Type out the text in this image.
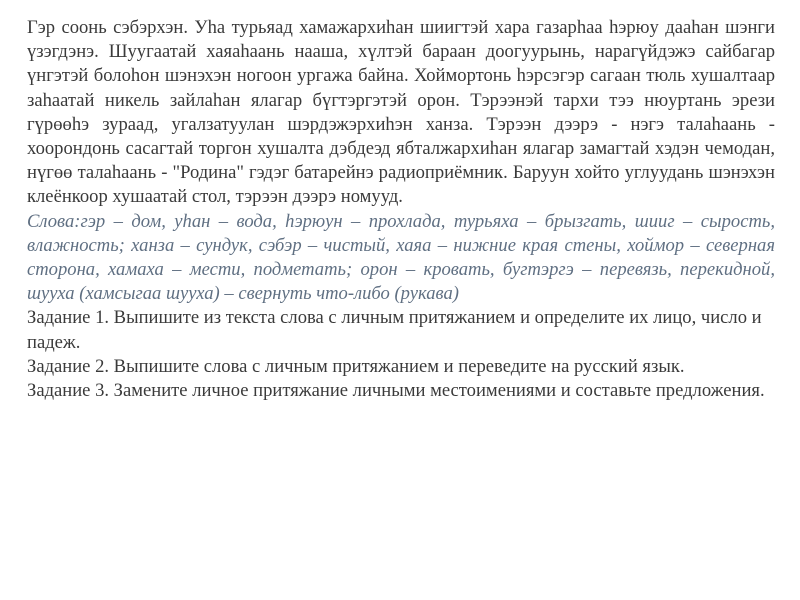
Гэр соонь сэбэрхэн. Уhа турьяад хамажархиhан шиигтэй хара газарhаа hэрюу даahан шэнги үзэгдэнэ. Шуугаатай хаяahaань нааша, хүлтэй бараан доогуурынь, нарагүйдэжэ сайбагар үнгэтэй болоhон шэнэхэн ногоон ургажа байна. Хоймортонь hэрсэгэр сагаан тюль хушалтаар заhаатай никель зайлаhан ялагар бүгтэргэтэй орон. Тэрээнэй тархи тээ нюуртань эрези гүрөөhэ зураад, угалзатуулан шэрдэжэрхиhэн ханза. Тэрээн дээрэ - нэгэ талаhaань - хоорондонь сасагтай торгон хушалта дэбдеэд ябталжархиhан ялагар замагтай хэдэн чемодан, нүгөө талаhaань - "Родина" гэдэг батарейнэ радиоприёмник. Баруун хойто углуудань шэнэхэн клеёнкоор хушаатай стол, тэрээн дээрэ номууд.

Слова:гэр – дом, уhан – вода, hэрюун – прохлада, турьяха – брызгать, шииг – сырость, влажность; ханза – сундук, сэбэр – чистый, хаяа – нижние края стены, хоймор – северная сторона, хамаха – мести, подметать; орон – кровать, бугтэргэ – перевязь, перекидной, шууха (хамсыгаа шууха) – свернуть что-либо (рукава)

Задание 1. Выпишите из текста слова с личным притяжанием и определите их лицо, число и падеж.

Задание 2. Выпишите слова с личным притяжанием и переведите на русский язык.

Задание 3. Замените личное притяжание личными местоимениями и составьте предложения.
